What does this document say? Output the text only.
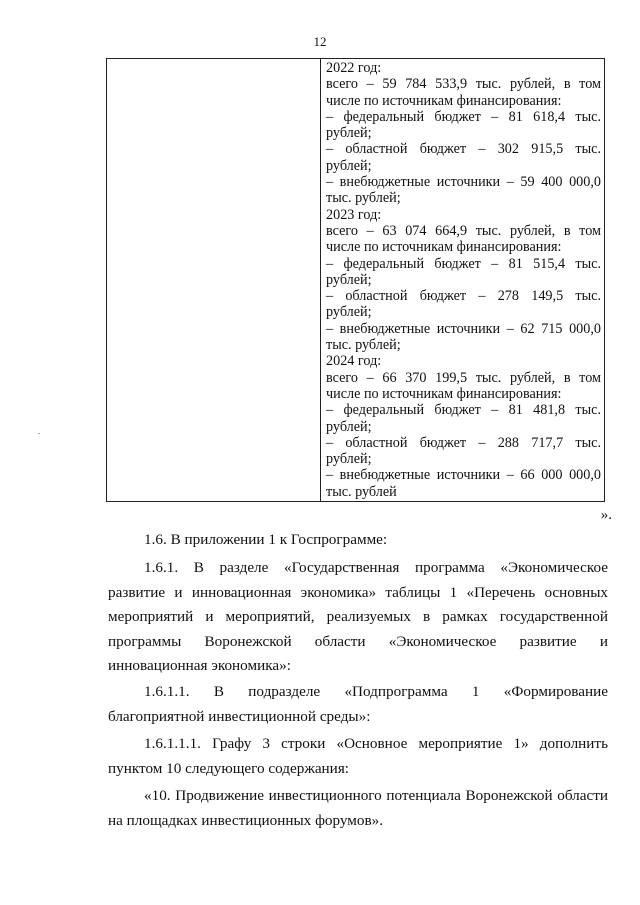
12
.
2022 год:
всего – 59 784 533,9 тыс. рублей, в том
числе по источникам финансирования:
– федеральный бюджет – 81 618,4 тыс.
рублей;
– областной бюджет – 302 915,5 тыс.
рублей;
– внебюджетные источники – 59 400 000,0
тыс. рублей;
2023 год:
всего – 63 074 664,9 тыс. рублей, в том
числе по источникам финансирования:
– федеральный бюджет – 81 515,4 тыс.
рублей;
– областной бюджет – 278 149,5 тыс.
рублей;
– внебюджетные источники – 62 715 000,0
тыс. рублей;
2024 год:
всего – 66 370 199,5 тыс. рублей, в том
числе по источникам финансирования:
– федеральный бюджет – 81 481,8 тыс.
рублей;
– областной бюджет – 288 717,7 тыс.
рублей;
– внебюджетные источники – 66 000 000,0
тыс. рублей
».
1.6. В приложении 1 к Госпрограмме:
1.6.1. В разделе «Государственная программа «Экономическое
развитие и инновационная экономика» таблицы 1 «Перечень основных
мероприятий и мероприятий, реализуемых в рамках государственной
программы Воронежской области «Экономическое развитие и
инновационная экономика»:
1.6.1.1. В подразделе «Подпрограмма 1 «Формирование
благоприятной инвестиционной среды»:
1.6.1.1.1. Графу 3 строки «Основное мероприятие 1» дополнить
пунктом 10 следующего содержания:
«10. Продвижение инвестиционного потенциала Воронежской области
на площадках инвестиционных форумов».
